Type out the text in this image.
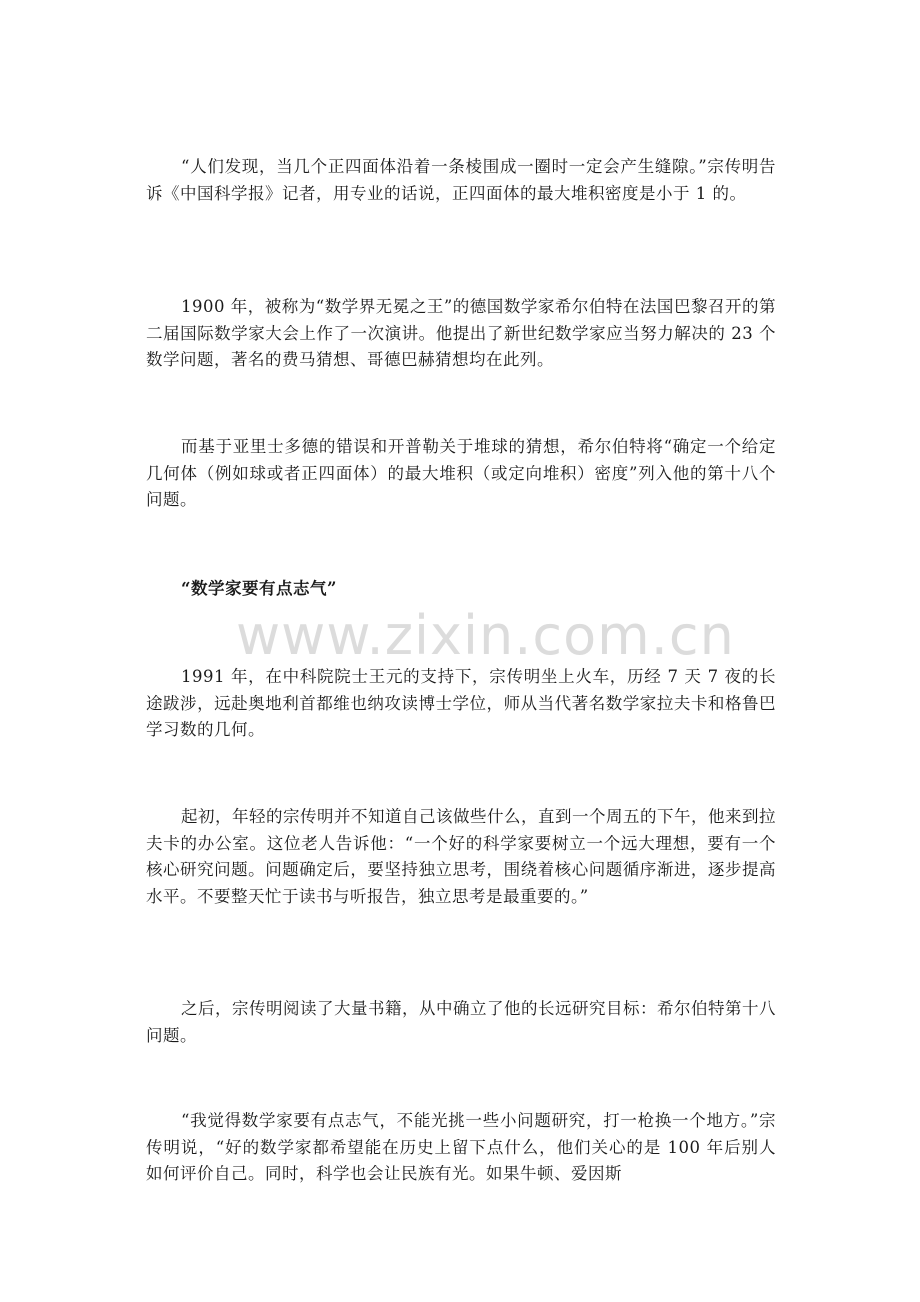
www.zixin.com.cn

“人们发现，当几个正四面体沿着一条棱围成一圈时一定会产生缝隙。”宗传明告诉《中国科学报》记者，用专业的话说，正四面体的最大堆积密度是小于 1 的。

1900 年，被称为“数学界无冕之王”的德国数学家希尔伯特在法国巴黎召开的第二届国际数学家大会上作了一次演讲。他提出了新世纪数学家应当努力解决的 23 个数学问题，著名的费马猜想、哥德巴赫猜想均在此列。

而基于亚里士多德的错误和开普勒关于堆球的猜想，希尔伯特将“确定一个给定几何体（例如球或者正四面体）的最大堆积（或定向堆积）密度”列入他的第十八个问题。

“数学家要有点志气”

1991 年，在中科院院士王元的支持下，宗传明坐上火车，历经 7 天 7 夜的长途跋涉，远赴奥地利首都维也纳攻读博士学位，师从当代著名数学家拉夫卡和格鲁巴学习数的几何。

起初，年轻的宗传明并不知道自己该做些什么，直到一个周五的下午，他来到拉夫卡的办公室。这位老人告诉他：“一个好的科学家要树立一个远大理想，要有一个核心研究问题。问题确定后，要坚持独立思考，围绕着核心问题循序渐进，逐步提高水平。不要整天忙于读书与听报告，独立思考是最重要的。”

之后，宗传明阅读了大量书籍，从中确立了他的长远研究目标：希尔伯特第十八问题。

“我觉得数学家要有点志气，不能光挑一些小问题研究，打一枪换一个地方。”宗传明说，“好的数学家都希望能在历史上留下点什么，他们关心的是 100 年后别人如何评价自己。同时，科学也会让民族有光。如果牛顿、爱因斯
